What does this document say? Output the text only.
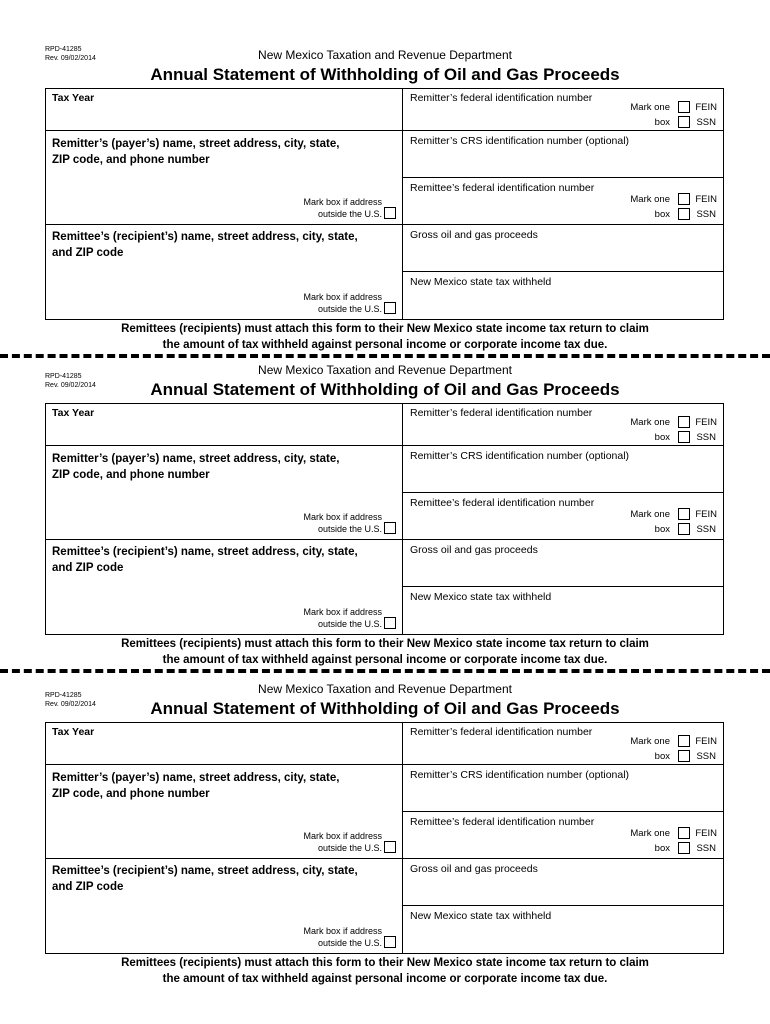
RPD-41285
Rev. 09/02/2014	New Mexico Taxation and Revenue Department
Annual Statement of Withholding of Oil and Gas Proceeds
Tax Year
Remitter’s (payer’s) name, street address, city, state, ZIP code, and phone number
Mark box if address outside the U.S.
Remittee’s (recipient’s) name, street address, city, state, and ZIP code
Mark box if address outside the U.S.
Remitter’s federal identification number
Mark one
box
FEIN
SSN
Remitter’s CRS identification number (optional)
Remittee’s federal identification number
Mark one
box
FEIN
SSN
Gross oil and gas proceeds
New Mexico state tax withheld
Remittees (recipients) must attach this form to their New Mexico state income tax return to claim
the amount of tax withheld against personal income or corporate income tax due.
RPD-41285
Rev. 09/02/2014
New Mexico Taxation and Revenue Department
Annual Statement of Withholding of Oil and Gas Proceeds
Tax Year
Remitter’s (payer’s) name, street address, city, state, ZIP code, and phone number
Mark box if address outside the U.S.
Remittee’s (recipient’s) name, street address, city, state, and ZIP code
Mark box if address outside the U.S.
Remitter’s federal identification number
Mark one
box
FEIN
SSN
Remitter’s CRS identification number (optional)
Remittee’s federal identification number
Mark one
box
FEIN
SSN
Gross oil and gas proceeds
New Mexico state tax withheld
Remittees (recipients) must attach this form to their New Mexico state income tax return to claim
the amount of tax withheld against personal income or corporate income tax due.
RPD-41285
Rev. 09/02/2014
New Mexico Taxation and Revenue Department
Annual Statement of Withholding of Oil and Gas Proceeds
Tax Year
Remitter’s (payer’s) name, street address, city, state, ZIP code, and phone number
Mark box if address outside the U.S.
Remittee’s (recipient’s) name, street address, city, state, and ZIP code
Mark box if address outside the U.S.
Remitter’s federal identification number
Mark one
box
FEIN
SSN
Remitter’s CRS identification number (optional)
Remittee’s federal identification number
Mark one
box
FEIN
SSN
Gross oil and gas proceeds
New Mexico state tax withheld
Remittees (recipients) must attach this form to their New Mexico state income tax return to claim
the amount of tax withheld against personal income or corporate income tax due.
